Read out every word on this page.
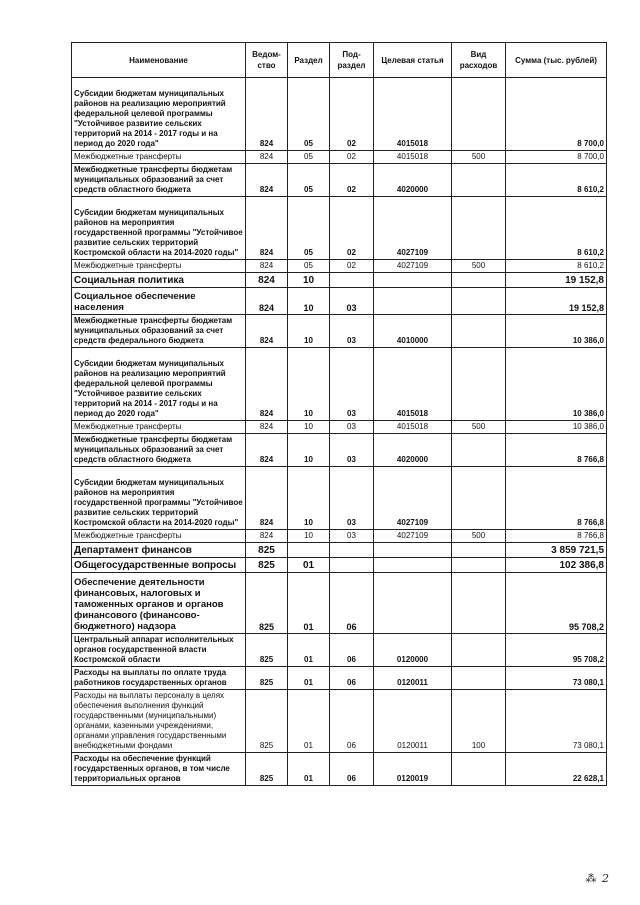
Наименование	Ведом-ство	Раздел	Под-раздел	Целевая статья	Вид расходов	Сумма (тыс. рублей)
Субсидии бюджетам муниципальных районов на реализацию мероприятий федеральной целевой программы "Устойчивое развитие сельских территорий на 2014 - 2017 годы и на период до 2020 года"	824	05	02	4015018		8 700,0
Межбюджетные трансферты	824	05	02	4015018	500	8 700,0
Межбюджетные трансферты бюджетам муниципальных образований за счет средств областного бюджета	824	05	02	4020000		8 610,2
Субсидии бюджетам муниципальных районов на мероприятия государственной программы "Устойчивое развитие сельских территорий Костромской области на 2014-2020 годы"	824	05	02	4027109		8 610,2
Межбюджетные трансферты	824	05	02	4027109	500	8 610,2
Социальная политика	824	10				19 152,8
Социальное обеспечение населения	824	10	03			19 152,8
Межбюджетные трансферты бюджетам муниципальных образований за счет средств федерального бюджета	824	10	03	4010000		10 386,0
Субсидии бюджетам муниципальных районов на реализацию мероприятий федеральной целевой программы "Устойчивое развитие сельских территорий на 2014 - 2017 годы и на период до 2020 года"	824	10	03	4015018		10 386,0
Межбюджетные трансферты	824	10	03	4015018	500	10 386,0
Межбюджетные трансферты бюджетам муниципальных образований за счет средств областного бюджета	824	10	03	4020000		8 766,8
Субсидии бюджетам муниципальных районов на мероприятия государственной программы "Устойчивое развитие сельских территорий Костромской области на 2014-2020 годы"	824	10	03	4027109		8 766,8
Межбюджетные трансферты	824	10	03	4027109	500	8 766,8
Департамент финансов	825					3 859 721,5
Общегосударственные вопросы	825	01				102 386,8
Обеспечение деятельности финансовых, налоговых и таможенных органов и органов финансового (финансово-бюджетного) надзора	825	01	06			95 708,2
Центральный аппарат исполнительных органов государственной власти Костромской области	825	01	06	0120000		95 708,2
Расходы на выплаты по оплате труда работников государственных органов	825	01	06	0120011		73 080,1
Расходы на выплаты персоналу в целях обеспечения выполнения функций государственными (муниципальными) органами, казенными учреждениями, органами управления государственными внебюджетными фондами	825	01	06	0120011	100	73 080,1
Расходы на обеспечение функций государственных органов, в том числе территориальных органов	825	01	06	0120019		22 628,1
⁂ 2
